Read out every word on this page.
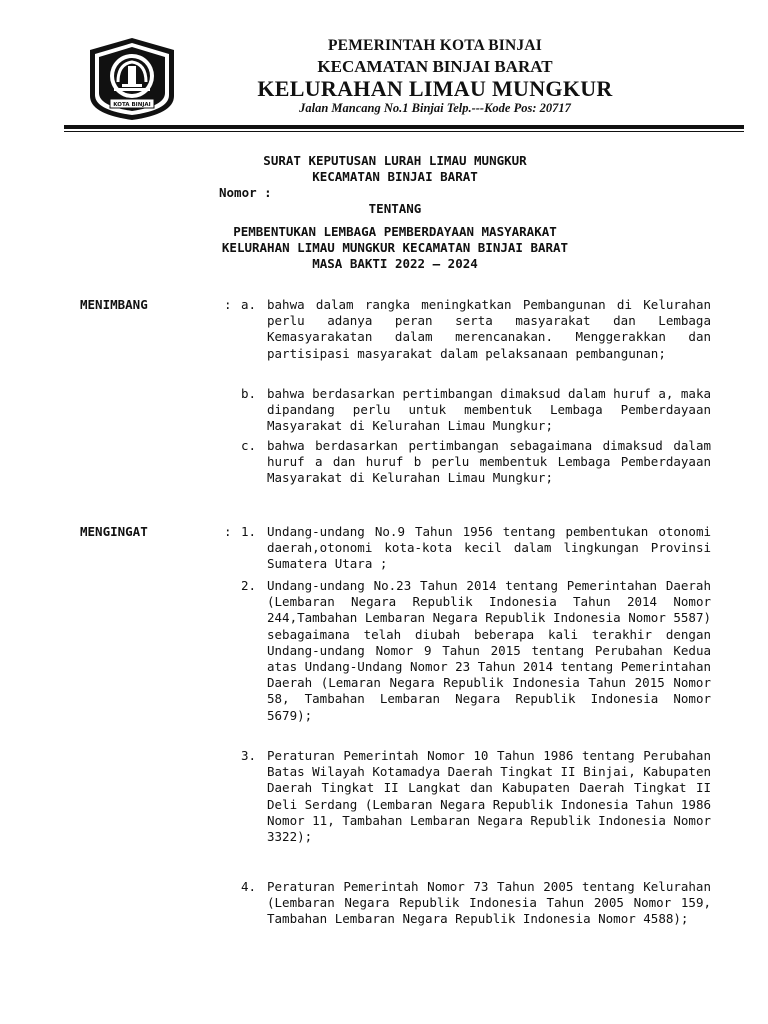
KOTA BINJAI
PEMERINTAH KOTA BINJAI
KECAMATAN BINJAI BARAT
KELURAHAN LIMAU MUNGKUR
Jalan Mancang No.1 Binjai Telp.---Kode Pos: 20717
SURAT KEPUTUSAN LURAH LIMAU MUNGKUR
KECAMATAN BINJAI BARAT
Nomor :
TENTANG
PEMBENTUKAN LEMBAGA PEMBERDAYAAN MASYARAKAT
KELURAHAN LIMAU MUNGKUR KECAMATAN BINJAI BARAT
MASA BAKTI 2022 – 2024
MENIMBANG	: a. bahwa dalam rangka meningkatkan Pembangunan di Kelurahan perlu adanya peran serta masyarakat dan Lembaga Kemasyarakatan dalam merencanakan. Menggerakkan dan partisipasi masyarakat dalam pelaksanaan pembangunan;
b. bahwa berdasarkan pertimbangan dimaksud dalam huruf a, maka dipandang perlu untuk membentuk Lembaga Pemberdayaan Masyarakat di Kelurahan Limau Mungkur;
c. bahwa berdasarkan pertimbangan sebagaimana dimaksud dalam huruf a dan huruf b perlu membentuk Lembaga Pemberdayaan Masyarakat di Kelurahan Limau Mungkur;
MENGINGAT	: 1. Undang-undang No.9 Tahun 1956 tentang pembentukan otonomi daerah,otonomi kota-kota kecil dalam lingkungan Provinsi Sumatera Utara ;
2. Undang-undang No.23 Tahun 2014 tentang Pemerintahan Daerah (Lembaran Negara Republik Indonesia Tahun 2014 Nomor 244,Tambahan Lembaran Negara Republik Indonesia Nomor 5587) sebagaimana telah diubah beberapa kali terakhir dengan Undang-undang Nomor 9 Tahun 2015 tentang Perubahan Kedua atas Undang-Undang Nomor 23 Tahun 2014 tentang Pemerintahan Daerah (Lemaran Negara Republik Indonesia Tahun 2015 Nomor 58, Tambahan Lembaran Negara Republik Indonesia Nomor 5679);
3. Peraturan Pemerintah Nomor 10 Tahun 1986 tentang Perubahan Batas Wilayah Kotamadya Daerah Tingkat II Binjai, Kabupaten Daerah Tingkat II Langkat dan Kabupaten Daerah Tingkat II Deli Serdang (Lembaran Negara Republik Indonesia Tahun 1986 Nomor 11, Tambahan Lembaran Negara Republik Indonesia Nomor 3322);
4. Peraturan Pemerintah Nomor 73 Tahun 2005 tentang Kelurahan (Lembaran Negara Republik Indonesia Tahun 2005 Nomor 159, Tambahan Lembaran Negara Republik Indonesia Nomor 4588);
